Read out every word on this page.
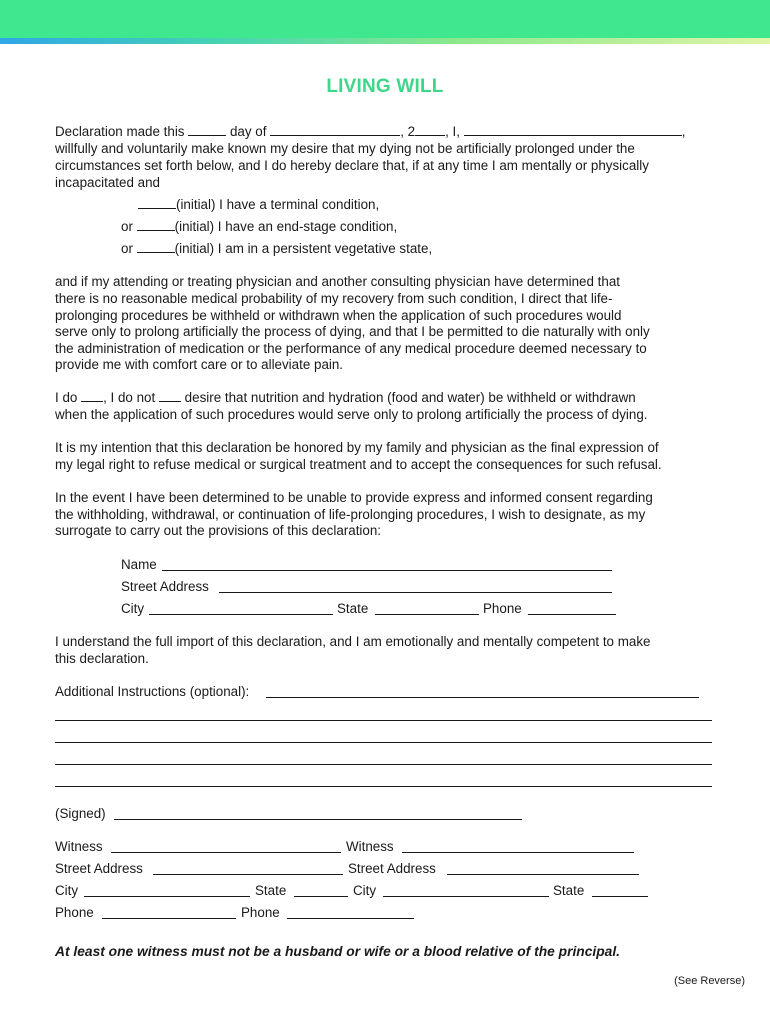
LIVING WILL
Declaration made this	day of	, 2 , I,	,
willfully and voluntarily make known my desire that my dying not be artificially prolonged under the
circumstances set forth below, and I do hereby declare that, if at any time I am mentally or physically
incapacitated and
(initial) I have a terminal condition,
or	(initial) I have an end-stage condition,
or	(initial) I am in a persistent vegetative state,
and if my attending or treating physician and another consulting physician have determined that
there is no reasonable medical probability of my recovery from such condition, I direct that life-
prolonging procedures be withheld or withdrawn when the application of such procedures would
serve only to prolong artificially the process of dying, and that I be permitted to die naturally with only
the administration of medication or the performance of any medical procedure deemed necessary to
provide me with comfort care or to alleviate pain.
I do , I do not desire that nutrition and hydration (food and water) be withheld or withdrawn
when the application of such procedures would serve only to prolong artificially the process of dying.
It is my intention that this declaration be honored by my family and physician as the final expression of
my legal right to refuse medical or surgical treatment and to accept the consequences for such refusal.
In the event I have been determined to be unable to provide express and informed consent regarding
the withholding, withdrawal, or continuation of life-prolonging procedures, I wish to designate, as my
surrogate to carry out the provisions of this declaration:
Name
Street Address
City	State	Phone
I understand the full import of this declaration, and I am emotionally and mentally competent to make
this declaration.
Additional Instructions (optional):
(Signed)
Witness	Witness
Street Address	Street Address
City	State	City	State
Phone	Phone
At least one witness must not be a husband or wife or a blood relative of the principal.
(See Reverse)
